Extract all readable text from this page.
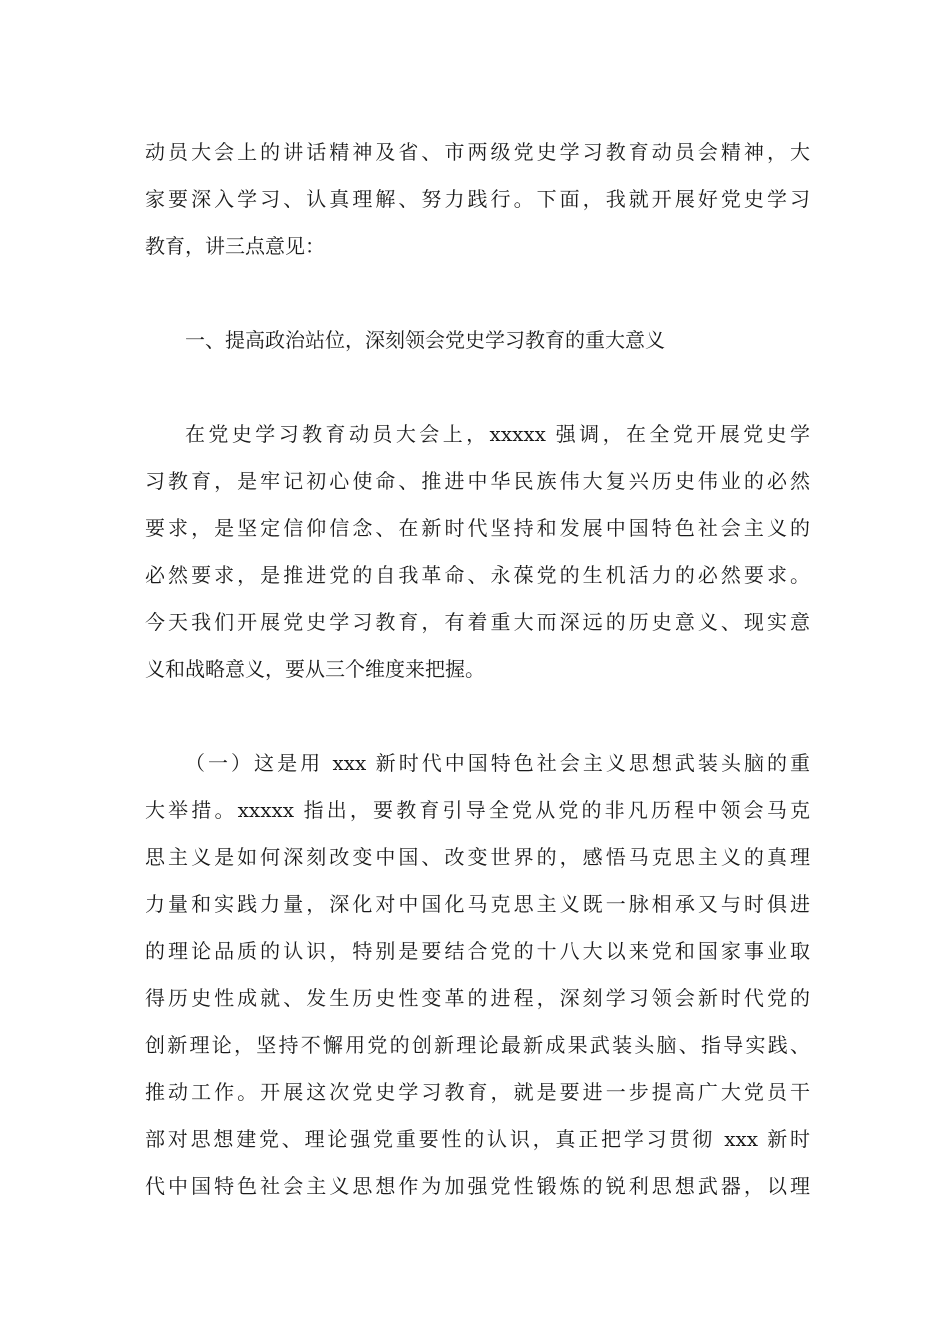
动员大会上的讲话精神及省、市两级党史学习教育动员会精神，大
家要深入学习、认真理解、努力践行。下面，我就开展好党史学习
教育，讲三点意见：
一、提高政治站位，深刻领会党史学习教育的重大意义
在党史学习教育动员大会上，xxxxx 强调，在全党开展党史学
习教育，是牢记初心使命、推进中华民族伟大复兴历史伟业的必然
要求，是坚定信仰信念、在新时代坚持和发展中国特色社会主义的
必然要求，是推进党的自我革命、永葆党的生机活力的必然要求。
今天我们开展党史学习教育，有着重大而深远的历史意义、现实意
义和战略意义，要从三个维度来把握。
（一）这是用 xxx 新时代中国特色社会主义思想武装头脑的重
大举措。xxxxx 指出，要教育引导全党从党的非凡历程中领会马克
思主义是如何深刻改变中国、改变世界的，感悟马克思主义的真理
力量和实践力量，深化对中国化马克思主义既一脉相承又与时俱进
的理论品质的认识，特别是要结合党的十八大以来党和国家事业取
得历史性成就、发生历史性变革的进程，深刻学习领会新时代党的
创新理论，坚持不懈用党的创新理论最新成果武装头脑、指导实践、
推动工作。开展这次党史学习教育，就是要进一步提高广大党员干
部对思想建党、理论强党重要性的认识，真正把学习贯彻 xxx 新时
代中国特色社会主义思想作为加强党性锻炼的锐利思想武器，以理
